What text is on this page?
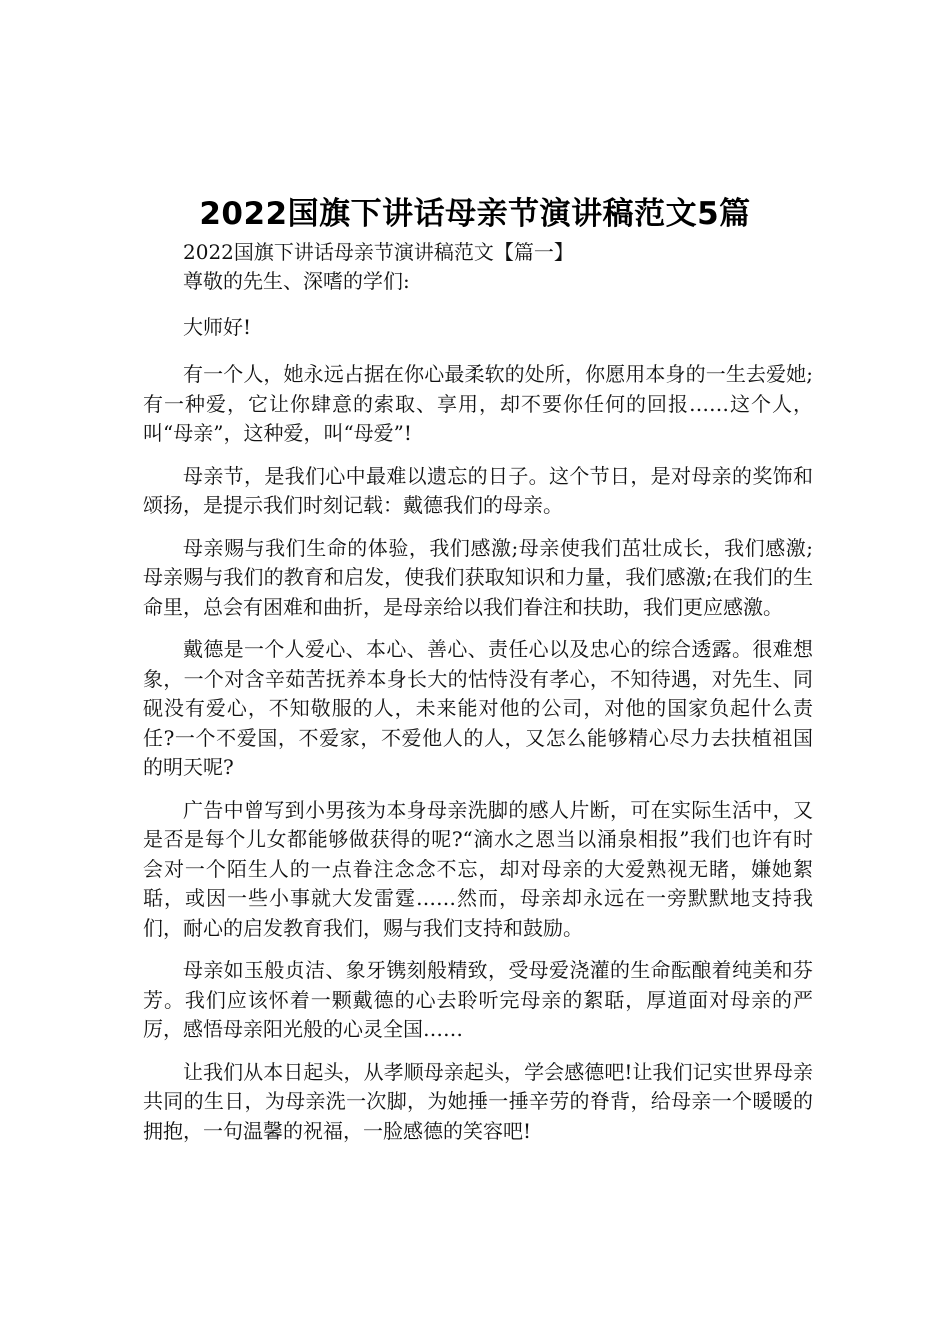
2022国旗下讲话母亲节演讲稿范文5篇

2022国旗下讲话母亲节演讲稿范文【篇一】

尊敬的先生、深嗜的学们:

大师好!

有一个人，她永远占据在你心最柔软的处所，你愿用本身的一生去爱她;有一种爱，它让你肆意的索取、享用，却不要你任何的回报……这个人，叫“母亲”，这种爱，叫“母爱”!

母亲节，是我们心中最难以遗忘的日子。这个节日，是对母亲的奖饰和颂扬，是提示我们时刻记载：戴德我们的母亲。

母亲赐与我们生命的体验，我们感激;母亲使我们茁壮成长，我们感激;母亲赐与我们的教育和启发，使我们获取知识和力量，我们感激;在我们的生命里，总会有困难和曲折，是母亲给以我们眷注和扶助，我们更应感激。

戴德是一个人爱心、本心、善心、责任心以及忠心的综合透露。很难想象，一个对含辛茹苦抚养本身长大的怙恃没有孝心，不知待遇，对先生、同砚没有爱心，不知敬服的人，未来能对他的公司，对他的国家负起什么责任?一个不爱国，不爱家，不爱他人的人，又怎么能够精心尽力去扶植祖国的明天呢?

广告中曾写到小男孩为本身母亲洗脚的感人片断，可在实际生活中，又是否是每个儿女都能够做获得的呢?“滴水之恩当以涌泉相报”我们也许有时会对一个陌生人的一点眷注念念不忘，却对母亲的大爱熟视无睹，嫌她絮聒，或因一些小事就大发雷霆……然而，母亲却永远在一旁默默地支持我们，耐心的启发教育我们，赐与我们支持和鼓励。

母亲如玉般贞洁、象牙镌刻般精致，受母爱浇灌的生命酝酿着纯美和芬芳。我们应该怀着一颗戴德的心去聆听完母亲的絮聒，厚道面对母亲的严厉，感悟母亲阳光般的心灵全国……

让我们从本日起头，从孝顺母亲起头，学会感德吧!让我们记实世界母亲共同的生日，为母亲洗一次脚，为她捶一捶辛劳的脊背，给母亲一个暖暖的拥抱，一句温馨的祝福，一脸感德的笑容吧!
